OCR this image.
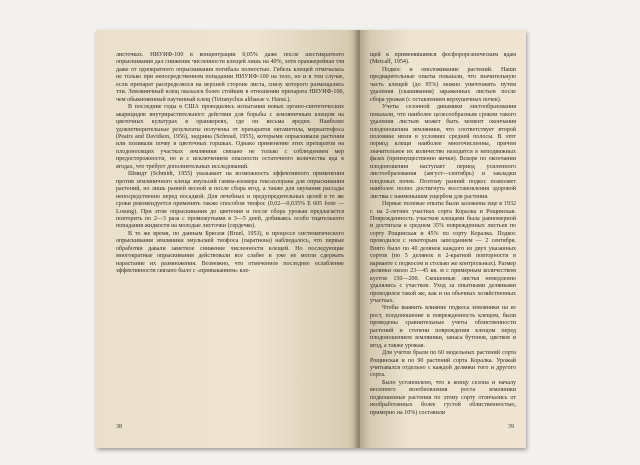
листочках. НИУИФ-100 в концентрации 0,05% даже после шестикратного опрыскивания дал снижение численности клещей лишь на 40%, хотя оранжерейная тля даже от однократного опрыскивания погибала полностью. Гибель клещей отмечалась не только при непосредственном попадании НИУИФ-100 на тело, но и в том случае, если препарат распределялся на верхней стороне листа, снизу которого размещались тли. Земляничный клещ оказался более стойким в отношении препарата НИУИФ-100, чем обыкновенный паутинный клещ (Tetranychus althaeae v. Hanst.).

В последние годы в США проводились испытания новых органо-синтетических акарицидов внутрирастительного действия для борьбы с земляничным клещом на цветочных культурах в оранжереях, где он весьма вреден. Наиболее удовлетворительные результаты получены от препаратов октаметила, меркаптофоса (Peairs and Davidson, 1956), эндрина (Schread, 1955), которыми опрыскивали растения или поливали почву в цветочных горшках. Однако применение этих препаратов на плодоносящих участках земляники связано не только с соблюдением мер предосторожности, но и с исключением опасности остаточного количества яда в ягодах, что требует дополнительных исследований.

Шмидт (Schmidt, 1955) указывает на возможность эффективного применения против земляничного клеща эмульсий гамма-изомера гексахлорана для опрыскивания растений, но лишь ранней весной и после сбора ягод, а также для окунания рассады непосредственно перед посадкой. Для лечебных и предупредительных целей в те же сроки рекомендуется применять также способом тиофос (0,02—0,035% E 605 forte — Losung). При этом опрыскивания до цветения и после сбора урожая предлагается повторить по 2—3 раза с промежутками в 3—5 дней, добиваясь особо тщательного попадания жидкости на молодые листочки (сердечко).

В то же время, по данным Брюэля (Bruel, 1953), в процессе систематического опрыскивания земляники эмульсией тиофоса (паратиона) наблюдалось, что первые обработки давали заметное снижение численности клещей. Но последующие многократные опрыскивания действовали все слабее и уже не могли сдержать нарастание их размножения. Возможно, что отмеченное последнее ослабление эффективности связано было с «привыканием» кле-

38

щей к применявшимся фосфорорганическим ядам (Metcalf, 1954).

Подкос и омоложивание растений. Наши предварительные опыты показали, что значительную часть клещей (до 95%) можно уничтожить путем удаления (скашивания) зараженных листьев после сбора урожая (с оставлением верхушечных почек).

Учеты сезонной динамики листообразования показали, что наиболее целесообразным сроком такого удаления листьев может быть момент окончания плодоношения земляники, что соответствует второй половине июля в условиях средней полосы. В этот период клещи наиболее многочисленны, причем значительное их количество находится в неподвижных фазах (преимущественно яички). Вскоре по окончании плодоношения наступает период усиленного листообразования (август—сентябрь) и закладки плодовых почек. Поэтому ранний подкос позволяет наиболее полно достигнуть восстановления здоровой листвы с наименьшим ущербом для растения.

Первые полевые опыты были заложены еще в 1932 г. на 2-летних участках сорта Коралка и Рощинская. Поврежденность участков клещами была равномерной и достигала в среднем 35% поврежденных листьев по сорту Рощинская и 45% по сорту Коралка. Подкос проводился с некоторым запозданием — 2 сентября. Взято было по 40 делянок каждого из двух указанных сортов (по 5 делянок в 2-кратной повторности в варианте с подкосом и столько же контрольных). Размер делянки около 23—45 кв. м с примерным количеством кустов 150—200. Скошенные листья немедленно удалялись с участков. Уход за опытными делянками проводился такой же, как и на обычных хозяйственных участках.

Чтобы выявить влияние подкоса земляники на ее рост, плодоношение и поврежденность клещом, были проведены сравнительные учеты облиственности растений и степени повреждения клещом перед плодоношением земляники, запаса бутонов, цветков и ягод, а также урожая.

Для учетов брали по 60 модельных растений сорта Рощинская и по 90 растений сорта Коралка. Урожай учитывался отдельно с каждой делянки того и другого сорта.

Было установлено, что к концу сезона и началу весеннего возобновления роста земляники подкошенные растения по этому сорту отличались от необработанных более густой облиственностью, примерно на 10%) составили

39
